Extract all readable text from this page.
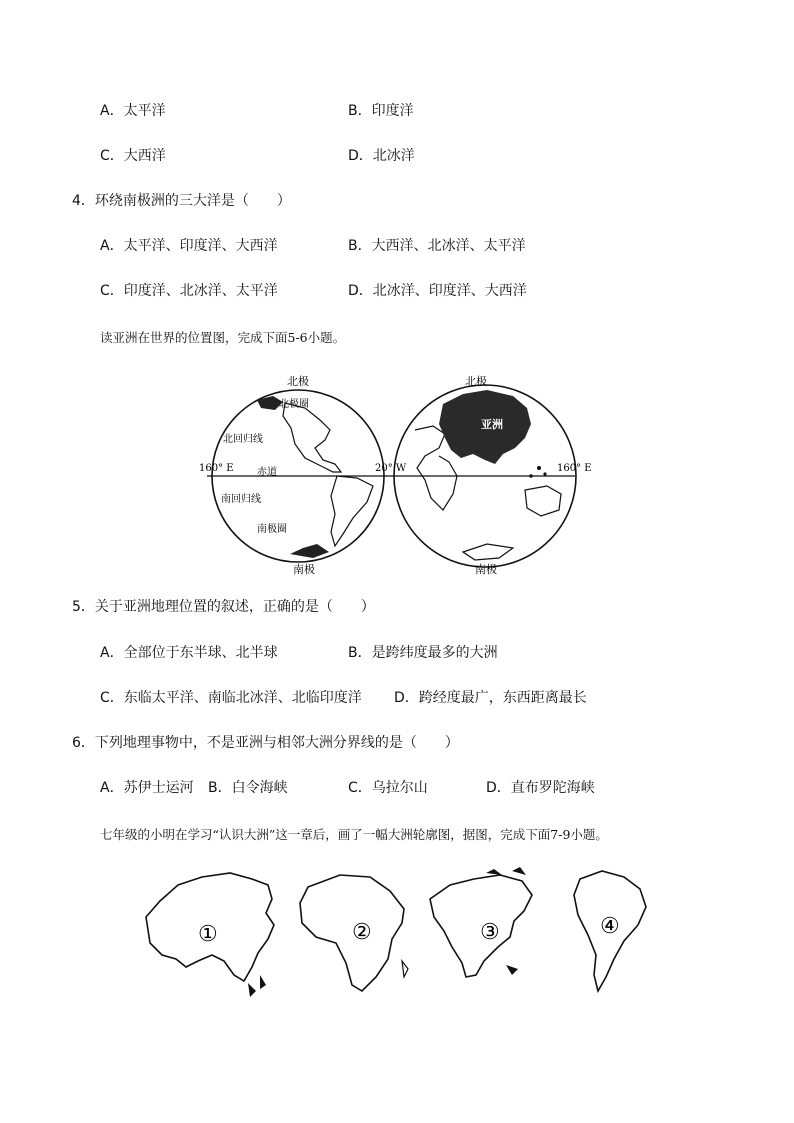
A．太平洋	B．印度洋
C．大西洋	D．北冰洋
4．环绕南极洲的三大洋是（　　）
A．太平洋、印度洋、大西洋	B．大西洋、北冰洋、太平洋
C．印度洋、北冰洋、太平洋	D．北冰洋、印度洋、大西洋
读亚洲在世界的位置图，完成下面5-6小题。
北极	北极
北极圈
北回归线
160° E 赤道	20° W	160° E
南回归线
南极圈
南极	南极
亚洲
5．关于亚洲地理位置的叙述，正确的是（　　）
A．全部位于东半球、北半球	B．是跨纬度最多的大洲
C．东临太平洋、南临北冰洋、北临印度洋 D．跨经度最广，东西距离最长
6．下列地理事物中，不是亚洲与相邻大洲分界线的是（　　）
A．苏伊士运河 B．白令海峡	C．乌拉尔山	D．直布罗陀海峡
七年级的小明在学习“认识大洲”这一章后，画了一幅大洲轮廓图，据图，完成下面7-9小题。
①	②	③	④
